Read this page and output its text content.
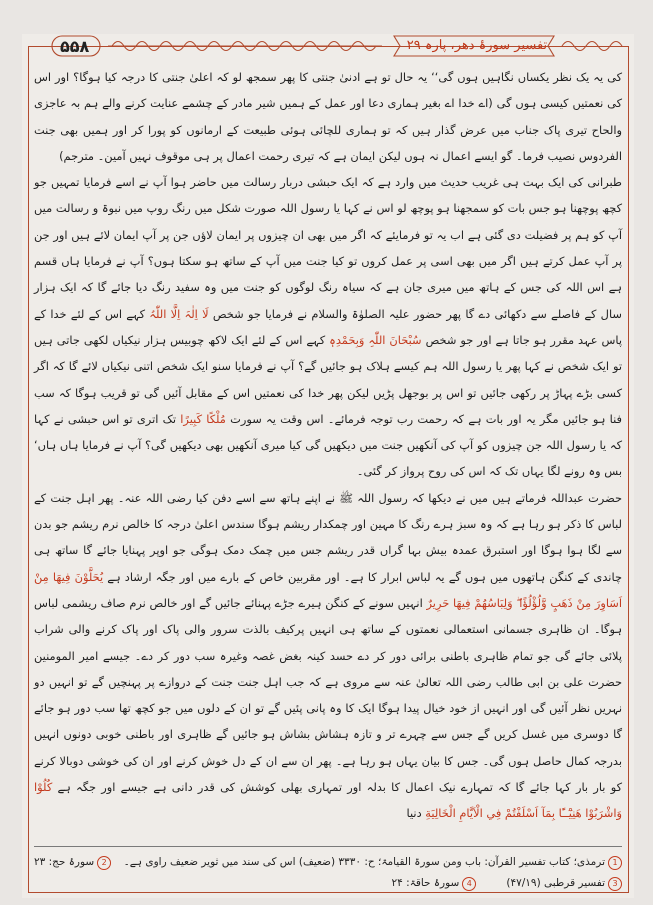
۵۵۸	تفسیر سورۂ دھر، پارہ ۲۹

کی یہ یک نظر یکساں نگاہیں ہوں گی‘‘ یہ حال تو ہے ادنیٰ جنتی کا پھر سمجھ لو کہ اعلیٰ جنتی کا درجہ کیا ہوگا؟ اور اس کی نعمتیں کیسی ہوں گی (اے خدا اے بغیر ہماری دعا اور عمل کے ہمیں شیر مادر کے چشمے عنایت کرنے والے ہم بہ عاجزی والحاح تیری پاک جناب میں عرض گذار ہیں کہ تو ہماری للچائی ہوئی طبیعت کے ارمانوں کو پورا کر اور ہمیں بھی جنت الفردوس نصیب فرما۔ گو ایسے اعمال نہ ہوں لیکن ایمان ہے کہ تیری رحمت اعمال پر ہی موقوف نہیں آمین۔ مترجم)

طبرانی کی ایک بہت ہی غریب حدیث میں وارد ہے کہ ایک حبشی دربار رسالت میں حاضر ہوا آپ نے اسے فرمایا تمہیں جو کچھ پوچھنا ہو جس بات کو سمجھنا ہو پوچھ لو اس نے کہا یا رسول اللہ صورت شکل میں رنگ روپ میں نبوۃ و رسالت میں آپ کو ہم پر فضیلت دی گئی ہے اب یہ تو فرمایئے کہ اگر میں بھی ان چیزوں پر ایمان لاؤں جن پر آپ ایمان لائے ہیں اور جن پر آپ عمل کرتے ہیں اگر میں بھی اسی پر عمل کروں تو کیا جنت میں آپ کے ساتھ ہو سکتا ہوں؟ آپ نے فرمایا ہاں قسم ہے اس اللہ کی جس کے ہاتھ میں میری جان ہے کہ سیاہ رنگ لوگوں کو جنت میں وہ سفید رنگ دیا جائے گا کہ ایک ہزار سال کے فاصلے سے دکھائی دے گا پھر حضور علیہ الصلوٰۃ والسلام نے فرمایا جو شخص لَا اِلٰہَ اِلَّا اللّٰہُ کہے اس کے لئے خدا کے پاس عہد مقرر ہو جاتا ہے اور جو شخص سُبْحَانَ اللّٰہِ وَبِحَمْدِہٖ کہے اس کے لئے ایک لاکھ چوبیس ہزار نیکیاں لکھی جاتی ہیں تو ایک شخص نے کہا پھر یا رسول اللہ ہم کیسے ہلاک ہو جائیں گے؟ آپ نے فرمایا سنو ایک شخص اتنی نیکیاں لائے گا کہ اگر کسی بڑے پہاڑ پر رکھی جائیں تو اس پر بوجھل پڑیں لیکن پھر خدا کی نعمتیں اس کے مقابل آئیں گی تو قریب ہوگا کہ سب فنا ہو جائیں مگر یہ اور بات ہے کہ رحمت رب توجہ فرمائے۔ اس وقت یہ سورت مُلْكًا كَبِيرًا تک اتری تو اس حبشی نے کہا کہ یا رسول اللہ جن چیزوں کو آپ کی آنکھیں جنت میں دیکھیں گی کیا میری آنکھیں بھی دیکھیں گی؟ آپ نے فرمایا ہاں ہاں‘ بس وہ رونے لگا یہاں تک کہ اس کی روح پرواز کر گئی۔

حضرت عبداللہ فرماتے ہیں میں نے دیکھا کہ رسول اللہ ﷺ نے اپنے ہاتھ سے اسے دفن کیا رضی اللہ عنہ۔ پھر اہل جنت کے لباس کا ذکر ہو رہا ہے کہ وہ سبز ہرے رنگ کا مہین اور چمکدار ریشم ہوگا سندس اعلیٰ درجہ کا خالص نرم ریشم جو بدن سے لگا ہوا ہوگا اور استبرق عمدہ بیش بہا گراں قدر ریشم جس میں چمک دمک ہوگی جو اوپر پہنایا جائے گا ساتھ ہی چاندی کے کنگن ہاتھوں میں ہوں گے یہ لباس ابرار کا ہے۔ اور مقربین خاص کے بارے میں اور جگہ ارشاد ہے يُحَلَّوْنَ فِيهَا مِنْ اَسَاوِرَ مِنْ ذَهَبٍ وَّلُؤْلُؤًا ۖ وَلِبَاسُهُمْ فِيهَا حَرِيرٌ انہیں سونے کے کنگن ہیرے جڑے پہنائے جائیں گے اور خالص نرم صاف ریشمی لباس ہوگا۔ ان ظاہری جسمانی استعمالی نعمتوں کے ساتھ ہی انہیں پرکیف بالذت سرور والی پاک اور پاک کرنے والی شراب پلائی جائے گی جو تمام ظاہری باطنی برائی دور کر دے حسد کینہ بغض غصہ وغیرہ سب دور کر دے۔ جیسے امیر المومنین حضرت علی بن ابی طالب رضی اللہ تعالیٰ عنہ سے مروی ہے کہ جب اہل جنت جنت کے دروازے پر پہنچیں گے تو انہیں دو نہریں نظر آئیں گی اور انہیں از خود خیال پیدا ہوگا ایک کا وہ پانی پئیں گے تو ان کے دلوں میں جو کچھ تھا سب دور ہو جائے گا دوسری میں غسل کریں گے جس سے چہرے تر و تازہ ہشاش بشاش ہو جائیں گے ظاہری اور باطنی خوبی دونوں انہیں بدرجہ کمال حاصل ہوں گی۔ جس کا بیان یہاں ہو رہا ہے۔ پھر ان سے ان کے دل خوش کرنے اور ان کی خوشی دوبالا کرنے کو بار بار کہا جائے گا کہ تمہارے نیک اعمال کا بدلہ اور تمہاری بھلی کوشش کی قدر دانی ہے جیسے اور جگہ ہے كُلُوْا وَاشْرَبُوْا هَنِيْٓــًٔا بِمَآ اَسْلَفْتُمْ فِي الْاَيَّامِ الْخَالِيَةِ دنیا

1ترمذی؛ کتاب تفسیر القرآن: باب ومن سورۃ القیامۃ؛ ح: ۳۳۳۰ (ضعیف) اس کی سند میں ثویر ضعیف راوی ہے۔
2سورۂ حج: ۲۳
3تفسیر قرطبی (۴۷/۱۹)
4سورۂ حاقۃ: ۲۴
